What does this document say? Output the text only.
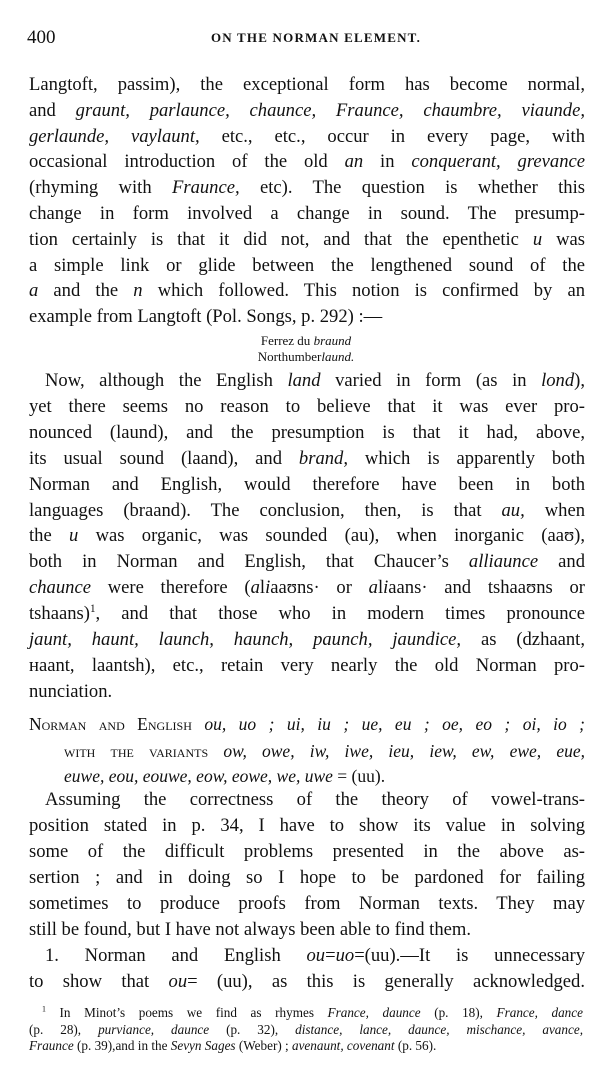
400	ON THE NORMAN ELEMENT.
Langtoft, passim), the exceptional form has become normal,
and graunt, parlaunce, chaunce, Fraunce, chaumbre, viaunde,
gerlaunde, vaylaunt, etc., etc., occur in every page, with
occasional introduction of the old an in conquerant, grevance
(rhyming with Fraunce, etc). The question is whether this
change in form involved a change in sound. The presump-
tion certainly is that it did not, and that the epenthetic u was
a simple link or glide between the lengthened sound of the
a and the n which followed. This notion is confirmed by an
example from Langtoft (Pol. Songs, p. 292) :—
Ferrez du braund
Northumberlaund.
Now, although the English land varied in form (as in lond),
yet there seems no reason to believe that it was ever pro-
nounced (laund), and the presumption is that it had, above,
its usual sound (laand), and brand, which is apparently both
Norman and English, would therefore have been in both
languages (braand). The conclusion, then, is that au, when
the u was organic, was sounded (au), when inorganic (aaʊ),
both in Norman and English, that Chaucer’s alliaunce and
chaunce were therefore (aliaaʊns· or aliaans· and tshaaʊns or
tshaans)$^1$, and that those who in modern times pronounce
jaunt, haunt, launch, haunch, paunch, jaundice, as (dzhaant,
ʜaant, laantsh), etc., retain very nearly the old Norman pro-
nunciation.
Norman and English ou, uo ; ui, iu ; ue, eu ; oe, eo ; oi, io ;
with the variants ow, owe, iw, iwe, ieu, iew, ew, ewe, eue,
euwe, eou, eouwe, eow, eowe, we, uwe = (uu).
Assuming the correctness of the theory of vowel-trans-
position stated in p. 34, I have to show its value in solving
some of the difficult problems presented in the above as-
sertion ; and in doing so I hope to be pardoned for failing
sometimes to produce proofs from Norman texts. They may
still be found, but I have not always been able to find them.
1. Norman and English ou=uo=(uu).—It is unnecessary
to show that ou= (uu), as this is generally acknowledged.
$^1$ In Minot’s poems we find as rhymes France, daunce (p. 18), France, dance
(p. 28), purviance, daunce (p. 32), distance, lance, daunce, mischance, avance,
Fraunce (p. 39),and in the Sevyn Sages (Weber) ; avenaunt, covenant (p. 56).
